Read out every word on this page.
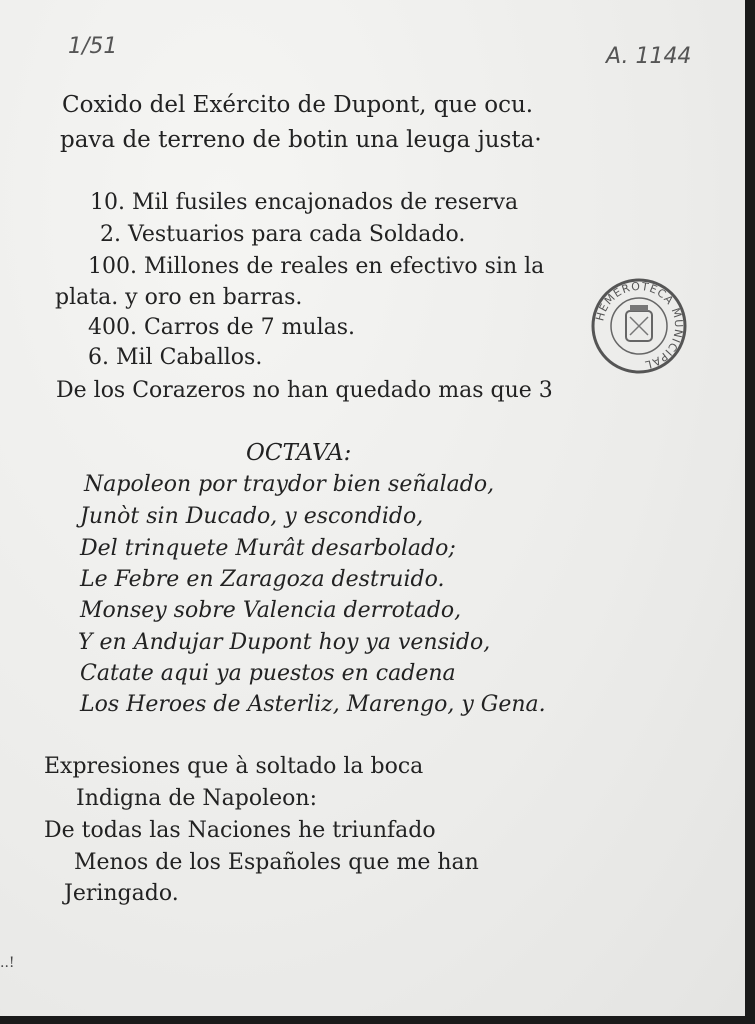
1/51	A. 1144
Coxido del Exército de Dupont, que ocu.
pava de terreno de botin una leuga justa·
10. Mil fusiles encajonados de reserva
2. Vestuarios para cada Soldado.
100. Millones de reales en efectivo sin la
plata. y oro en barras.
400. Carros de 7 mulas.
6. Mil Caballos.
De los Corazeros no han quedado mas que 3
HEMEROTECA MUNICIPAL
OCTAVA:
Napoleon por traydor bien señalado,
Junòt sin Ducado, y escondido,
Del trinquete Murât desarbolado;
Le Febre en Zaragoza destruido.
Monsey sobre Valencia derrotado,
Y en Andujar Dupont hoy ya vensido,
Catate aqui ya puestos en cadena
Los Heroes de Asterliz, Marengo, y Gena.
Expresiones que à soltado la boca
Indigna de Napoleon:
De todas las Naciones he triunfado
Menos de los Españoles que me han
Jeringado.
..!
